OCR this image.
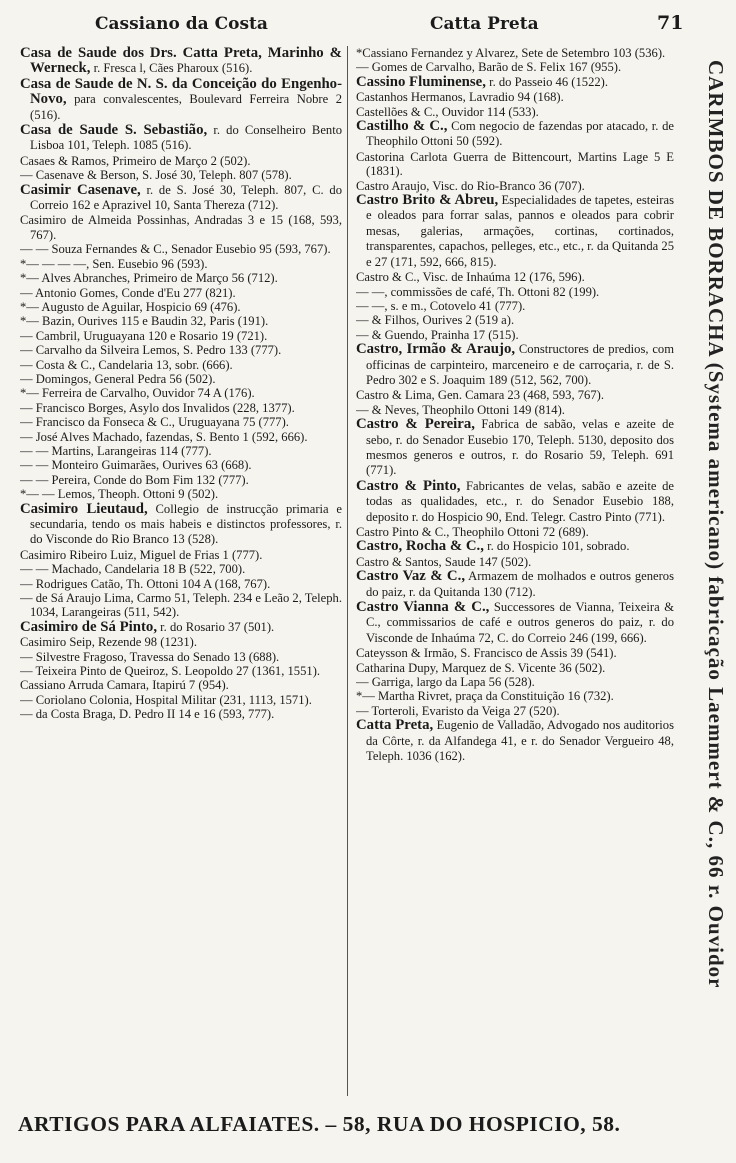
Cassiano da Costa	Catta Preta	71

Casa de Saude dos Drs. Catta Preta, Marinho & Werneck, r. Fresca l, Cães Pharoux (516).

Casa de Saude de N. S. da Conceição do Engenho-Novo, para convalescentes, Boulevard Ferreira Nobre 2 (516).

Casa de Saude S. Sebastião, r. do Conselheiro Bento Lisboa 101, Teleph. 1085 (516).

Casaes & Ramos, Primeiro de Março 2 (502).

— Casenave & Berson, S. José 30, Teleph. 807 (578).

Casimir Casenave, r. de S. José 30, Teleph. 807, C. do Correio 162 e Aprazivel 10, Santa Thereza (712).

Casimiro de Almeida Possinhas, Andradas 3 e 15 (168, 593, 767).

— — Souza Fernandes & C., Senador Eusebio 95 (593, 767).

*— — — —, Sen. Eusebio 96 (593).

*— Alves Abranches, Primeiro de Março 56 (712).

— Antonio Gomes, Conde d'Eu 277 (821).

*— Augusto de Aguilar, Hospicio 69 (476).

*— Bazin, Ourives 115 e Baudin 32, Paris (191).

— Cambril, Uruguayana 120 e Rosario 19 (721).

— Carvalho da Silveira Lemos, S. Pedro 133 (777).

— Costa & C., Candelaria 13, sobr. (666).

— Domingos, General Pedra 56 (502).

*— Ferreira de Carvalho, Ouvidor 74 A (176).

— Francisco Borges, Asylo dos Invalidos (228, 1377).

— Francisco da Fonseca & C., Uruguayana 75 (777).

— José Alves Machado, fazendas, S. Bento 1 (592, 666).

— — Martins, Larangeiras 114 (777).

— — Monteiro Guimarães, Ourives 63 (668).

— — Pereira, Conde do Bom Fim 132 (777).

*— — Lemos, Theoph. Ottoni 9 (502).

Casimiro Lieutaud, Collegio de instrucção primaria e secundaria, tendo os mais habeis e distinctos professores, r. do Visconde do Rio Branco 13 (528).

Casimiro Ribeiro Luiz, Miguel de Frias 1 (777).

— — Machado, Candelaria 18 B (522, 700).

— Rodrigues Catão, Th. Ottoni 104 A (168, 767).

— de Sá Araujo Lima, Carmo 51, Teleph. 234 e Leão 2, Teleph. 1034, Larangeiras (511, 542).

Casimiro de Sá Pinto, r. do Rosario 37 (501).

Casimiro Seip, Rezende 98 (1231).

— Silvestre Fragoso, Travessa do Senado 13 (688).

— Teixeira Pinto de Queiroz, S. Leopoldo 27 (1361, 1551).

Cassiano Arruda Camara, Itapirú 7 (954).

— Coriolano Colonia, Hospital Militar (231, 1113, 1571).

— da Costa Braga, D. Pedro II 14 e 16 (593, 777).

*Cassiano Fernandez y Alvarez, Sete de Setembro 103 (536).

— Gomes de Carvalho, Barão de S. Felix 167 (955).

Cassino Fluminense, r. do Passeio 46 (1522).

Castanhos Hermanos, Lavradio 94 (168).

Castellões & C., Ouvidor 114 (533).

Castilho & C., Com negocio de fazendas por atacado, r. de Theophilo Ottoni 50 (592).

Castorina Carlota Guerra de Bittencourt, Martins Lage 5 E (1831).

Castro Araujo, Visc. do Rio-Branco 36 (707).

Castro Brito & Abreu, Especialidades de tapetes, esteiras e oleados para forrar salas, pannos e oleados para cobrir mesas, galerias, armações, cortinas, cortinados, transparentes, capachos, pelleges, etc., etc., r. da Quitanda 25 e 27 (171, 592, 666, 815).

Castro & C., Visc. de Inhaúma 12 (176, 596).

— —, commissões de café, Th. Ottoni 82 (199).

— —, s. e m., Cotovelo 41 (777).

— & Filhos, Ourives 2 (519 a).

— & Guendo, Prainha 17 (515).

Castro, Irmão & Araujo, Constructores de predios, com officinas de carpinteiro, marceneiro e de carroçaria, r. de S. Pedro 302 e S. Joaquim 189 (512, 562, 700).

Castro & Lima, Gen. Camara 23 (468, 593, 767).

— & Neves, Theophilo Ottoni 149 (814).

Castro & Pereira, Fabrica de sabão, velas e azeite de sebo, r. do Senador Eusebio 170, Teleph. 5130, deposito dos mesmos generos e outros, r. do Rosario 59, Teleph. 691 (771).

Castro & Pinto, Fabricantes de velas, sabão e azeite de todas as qualidades, etc., r. do Senador Eusebio 188, deposito r. do Hospicio 90, End. Telegr. Castro Pinto (771).

Castro Pinto & C., Theophilo Ottoni 72 (689).

Castro, Rocha & C., r. do Hospicio 101, sobrado.

Castro & Santos, Saude 147 (502).

Castro Vaz & C., Armazem de molhados e outros generos do paiz, r. da Quitanda 130 (712).

Castro Vianna & C., Successores de Vianna, Teixeira & C., commissarios de café e outros generos do paiz, r. do Visconde de Inhaúma 72, C. do Correio 246 (199, 666).

Cateysson & Irmão, S. Francisco de Assis 39 (541).

Catharina Dupy, Marquez de S. Vicente 36 (502).

— Garriga, largo da Lapa 56 (528).

*— Martha Rivret, praça da Constituição 16 (732).

— Torteroli, Evaristo da Veiga 27 (520).

Catta Preta, Eugenio de Valladão, Advogado nos auditorios da Côrte, r. da Alfandega 41, e r. do Senador Vergueiro 48, Teleph. 1036 (162).	CARIMBOS DE BORRACHA (Systema americano) fabricação Laemmert & C., 66 r. Ouvidor
ARTIGOS PARA ALFAIATES. – 58, RUA DO HOSPICIO, 58.
